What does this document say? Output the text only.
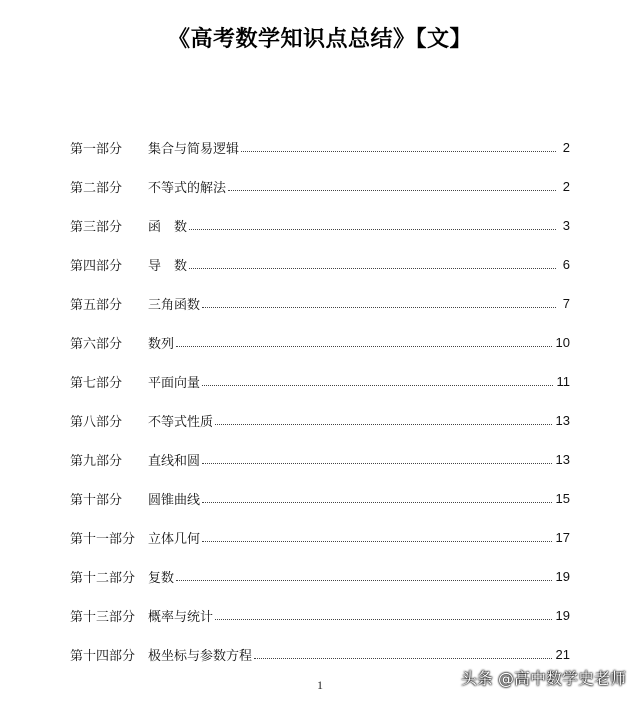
《高考数学知识点总结》【文】
第一部分	集合与简易逻辑	2
第二部分	不等式的解法	2
第三部分	函　数	3
第四部分	导　数	6
第五部分	三角函数	7
第六部分	数列	10
第七部分	平面向量	11
第八部分	不等式性质	13
第九部分	直线和圆	13
第十部分	圆锥曲线	15
第十一部分 立体几何	17
第十二部分 复数	19
第十三部分 概率与统计	19
第十四部分 极坐标与参数方程	21
1	头条 @高中数学史老师
